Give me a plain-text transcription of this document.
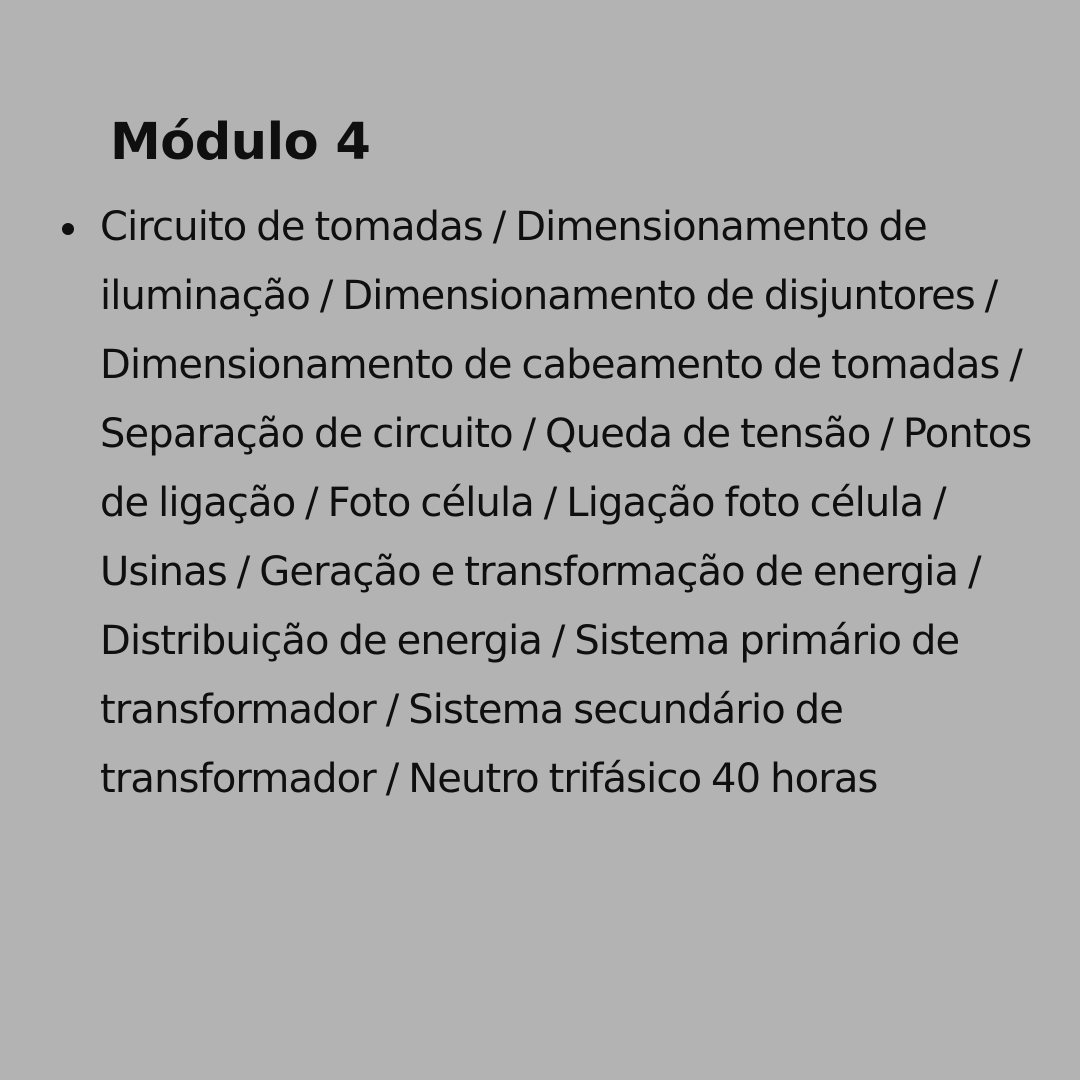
Módulo 4

Circuito de tomadas / Dimensionamento de iluminação / Dimensionamento de disjuntores / Dimensionamento de cabeamento de tomadas / Separação de circuito / Queda de tensão / Pontos de ligação / Foto célula / Ligação foto célula / Usinas / Geração e transformação de energia / Distribuição de energia / Sistema primário de transformador / Sistema secundário de transformador / Neutro trifásico 40 horas
